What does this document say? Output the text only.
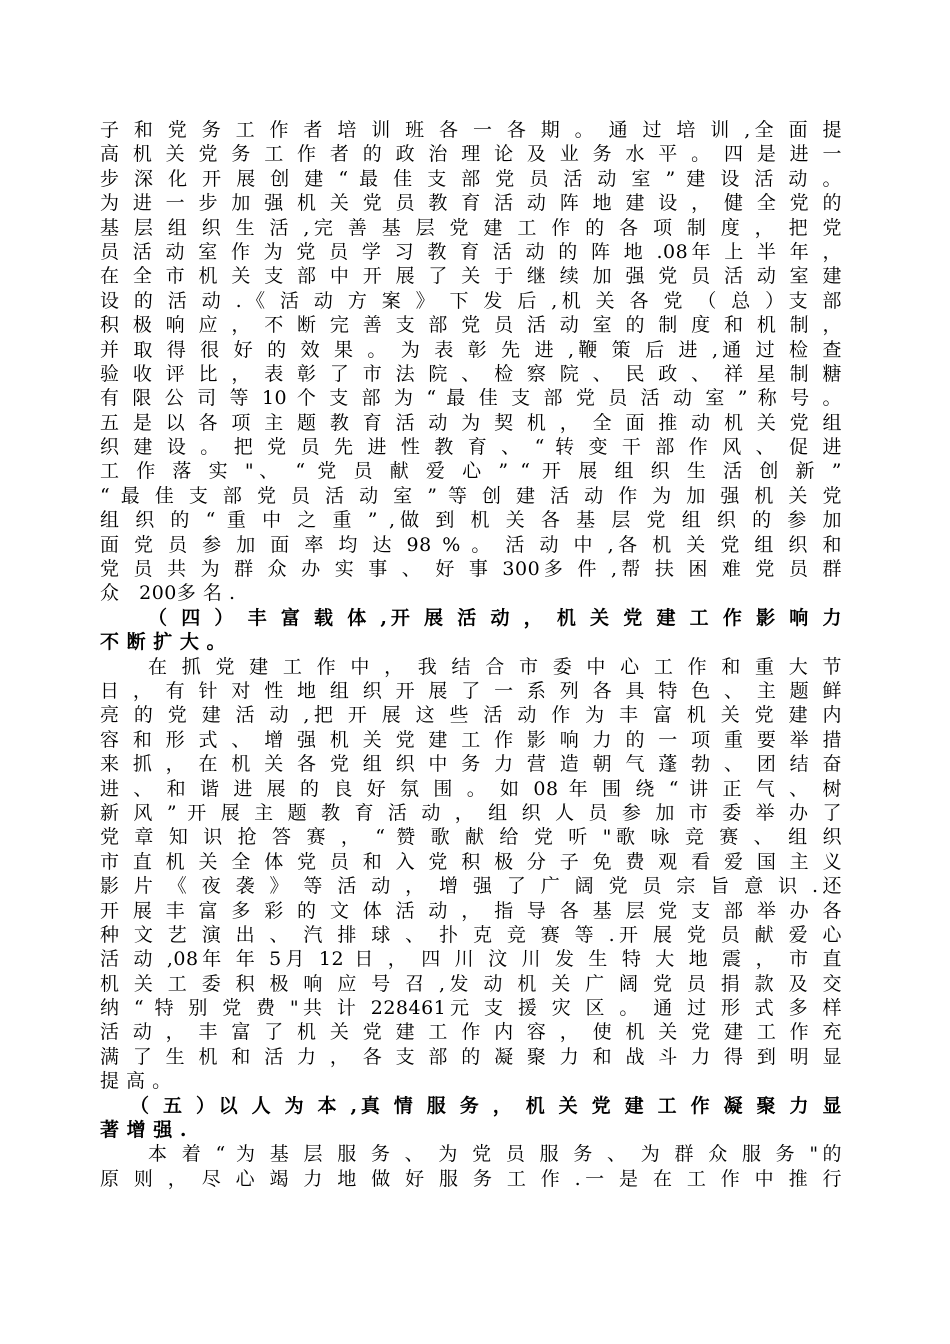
子 和 党 务 工 作 者 培 训 班 各 一 各 期 。 通 过 培 训 ,全 面 提
高 机 关 党 务 工 作 者 的 政 治 理 论 及 业 务 水 平 。 四 是 进 一
步 深 化 开 展 创 建 “ 最 佳 支 部 党 员 活 动 室 ” 建 设 活 动 。
为 进 一 步 加 强 机 关 党 员 教 育 活 动 阵 地 建 设 ， 健 全 党 的
基 层 组 织 生 活 ,完 善 基 层 党 建 工 作 的 各 项 制 度 ， 把 党
员 活 动 室 作 为 党 员 学 习 教 育 活 动 的 阵 地 .08年 上 半 年 ，
在 全 市 机 关 支 部 中 开 展 了 关 于 继 续 加 强 党 员 活 动 室 建
设 的 活 动 .《 活 动 方 案 》 下 发 后 ,机 关 各 党 （ 总 ）支 部
积 极 响 应 ， 不 断 完 善 支 部 党 员 活 动 室 的 制 度 和 机 制 ，
并 取 得 很 好 的 效 果 。 为 表 彰 先 进 ,鞭 策 后 进 ,通 过 检 查
验 收 评 比 ， 表 彰 了 市 法 院 、 检 察 院 、 民 政 、 祥 星 制 糖
有 限 公 司 等 10 个 支 部 为 “ 最 佳 支 部 党 员 活 动 室 ” 称 号 。
五 是 以 各 项 主 题 教 育 活 动 为 契 机 ， 全 面 推 动 机 关 党 组
织 建 设 。 把 党 员 先 进 性 教 育 、 “ 转 变 干 部 作 风 、 促 进
工 作 落 实 "、 “ 党 员 献 爱 心 ” “ 开 展 组 织 生 活 创 新 ”
“ 最 佳 支 部 党 员 活 动 室 ” 等 创 建 活 动 作 为 加 强 机 关 党
组 织 的 “ 重 中 之 重 ” ,做 到 机 关 各 基 层 党 组 织 的 参 加
面 党 员 参 加 面 率 均 达 98 % 。 活 动 中 ,各 机 关 党 组 织 和
党 员 共 为 群 众 办 实 事 、 好 事 300多 件 ,帮 扶 困 难 党 员 群
众   200多 名 .
（ 四 ） 丰 富 载 体 ,开 展 活 动 ， 机 关 党 建 工 作 影 响 力
不 断 扩 大 。
在 抓 党 建 工 作 中 ， 我 结 合 市 委 中 心 工 作 和 重 大 节
日 ， 有 针 对 性 地 组 织 开 展 了 一 系 列 各 具 特 色 、 主 题 鲜
亮 的 党 建 活 动 ,把 开 展 这 些 活 动 作 为 丰 富 机 关 党 建 内
容 和 形 式 、 增 强 机 关 党 建 工 作 影 响 力 的 一 项 重 要 举 措
来 抓 ， 在 机 关 各 党 组 织 中 务 力 营 造 朝 气 蓬 勃 、 团 结 奋
进 、 和 谐 进 展 的 良 好 氛 围 。 如 08 年 围 绕 “ 讲 正 气 、 树
新 风 ” 开 展 主 题 教 育 活 动 ， 组 织 人 员 参 加 市 委 举 办 了
党 章 知 识 抢 答 赛 ， “ 赞 歌 献 给 党 听 "歌 咏 竞 赛 、 组 织
市 直 机 关 全 体 党 员 和 入 党 积 极 分 子 免 费 观 看 爱 国 主 义
影 片 《 夜 袭 》 等 活 动 ， 增 强 了 广 阔 党 员 宗 旨 意 识 .还
开 展 丰 富 多 彩 的 文 体 活 动 ， 指 导 各 基 层 党 支 部 举 办 各
种 文 艺 演 出 、 汽 排 球 、 扑 克 竞 赛 等 .开 展 党 员 献 爱 心
活 动 ,08年 年 5月 12 日 ， 四 川 汶 川 发 生 特 大 地 震 ， 市 直
机 关 工 委 积 极 响 应 号 召 ,发 动 机 关 广 阔 党 员 捐 款 及 交
纳 “ 特 别 党 费 "共 计 228461元 支 援 灾 区 。 通 过 形 式 多 样
活 动 ， 丰 富 了 机 关 党 建 工 作 内 容 ， 使 机 关 党 建 工 作 充
满 了 生 机 和 活 力 ， 各 支 部 的 凝 聚 力 和 战 斗 力 得 到 明 显
提 高 。
（ 五 ）以 人 为 本 ,真 情 服 务 ， 机 关 党 建 工 作 凝 聚 力 显
著 增 强 .
本 着 “ 为 基 层 服 务 、 为 党 员 服 务 、 为 群 众 服 务 "的
原 则 ， 尽 心 竭 力 地 做 好 服 务 工 作 .一 是 在 工 作 中 推 行
